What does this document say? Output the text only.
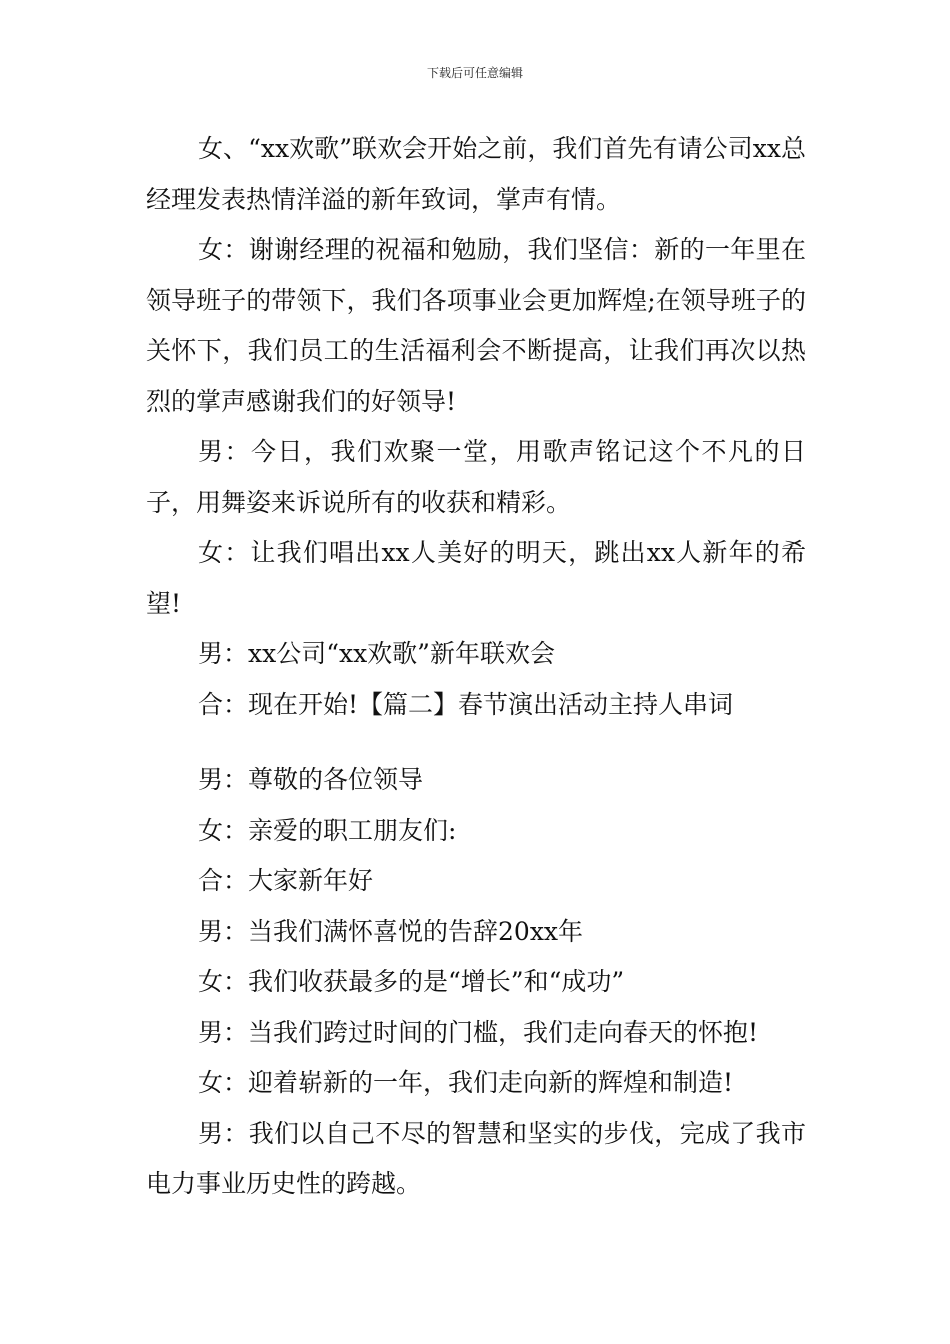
下载后可任意编辑

女、“xx欢歌”联欢会开始之前，我们首先有请公司xx总经理发表热情洋溢的新年致词，掌声有情。

女：谢谢经理的祝福和勉励，我们坚信：新的一年里在领导班子的带领下，我们各项事业会更加辉煌;在领导班子的关怀下，我们员工的生活福利会不断提高，让我们再次以热烈的掌声感谢我们的好领导!

男：今日，我们欢聚一堂，用歌声铭记这个不凡的日子，用舞姿来诉说所有的收获和精彩。

女：让我们唱出xx人美好的明天，跳出xx人新年的希望!

男：xx公司“xx欢歌”新年联欢会

合：现在开始!【篇二】春节演出活动主持人串词

男：尊敬的各位领导

女：亲爱的职工朋友们:

合：大家新年好

男：当我们满怀喜悦的告辞20xx年

女：我们收获最多的是“增长”和“成功”

男：当我们跨过时间的门槛，我们走向春天的怀抱!

女：迎着崭新的一年，我们走向新的辉煌和制造!

男：我们以自己不尽的智慧和坚实的步伐，完成了我市电力事业历史性的跨越。
